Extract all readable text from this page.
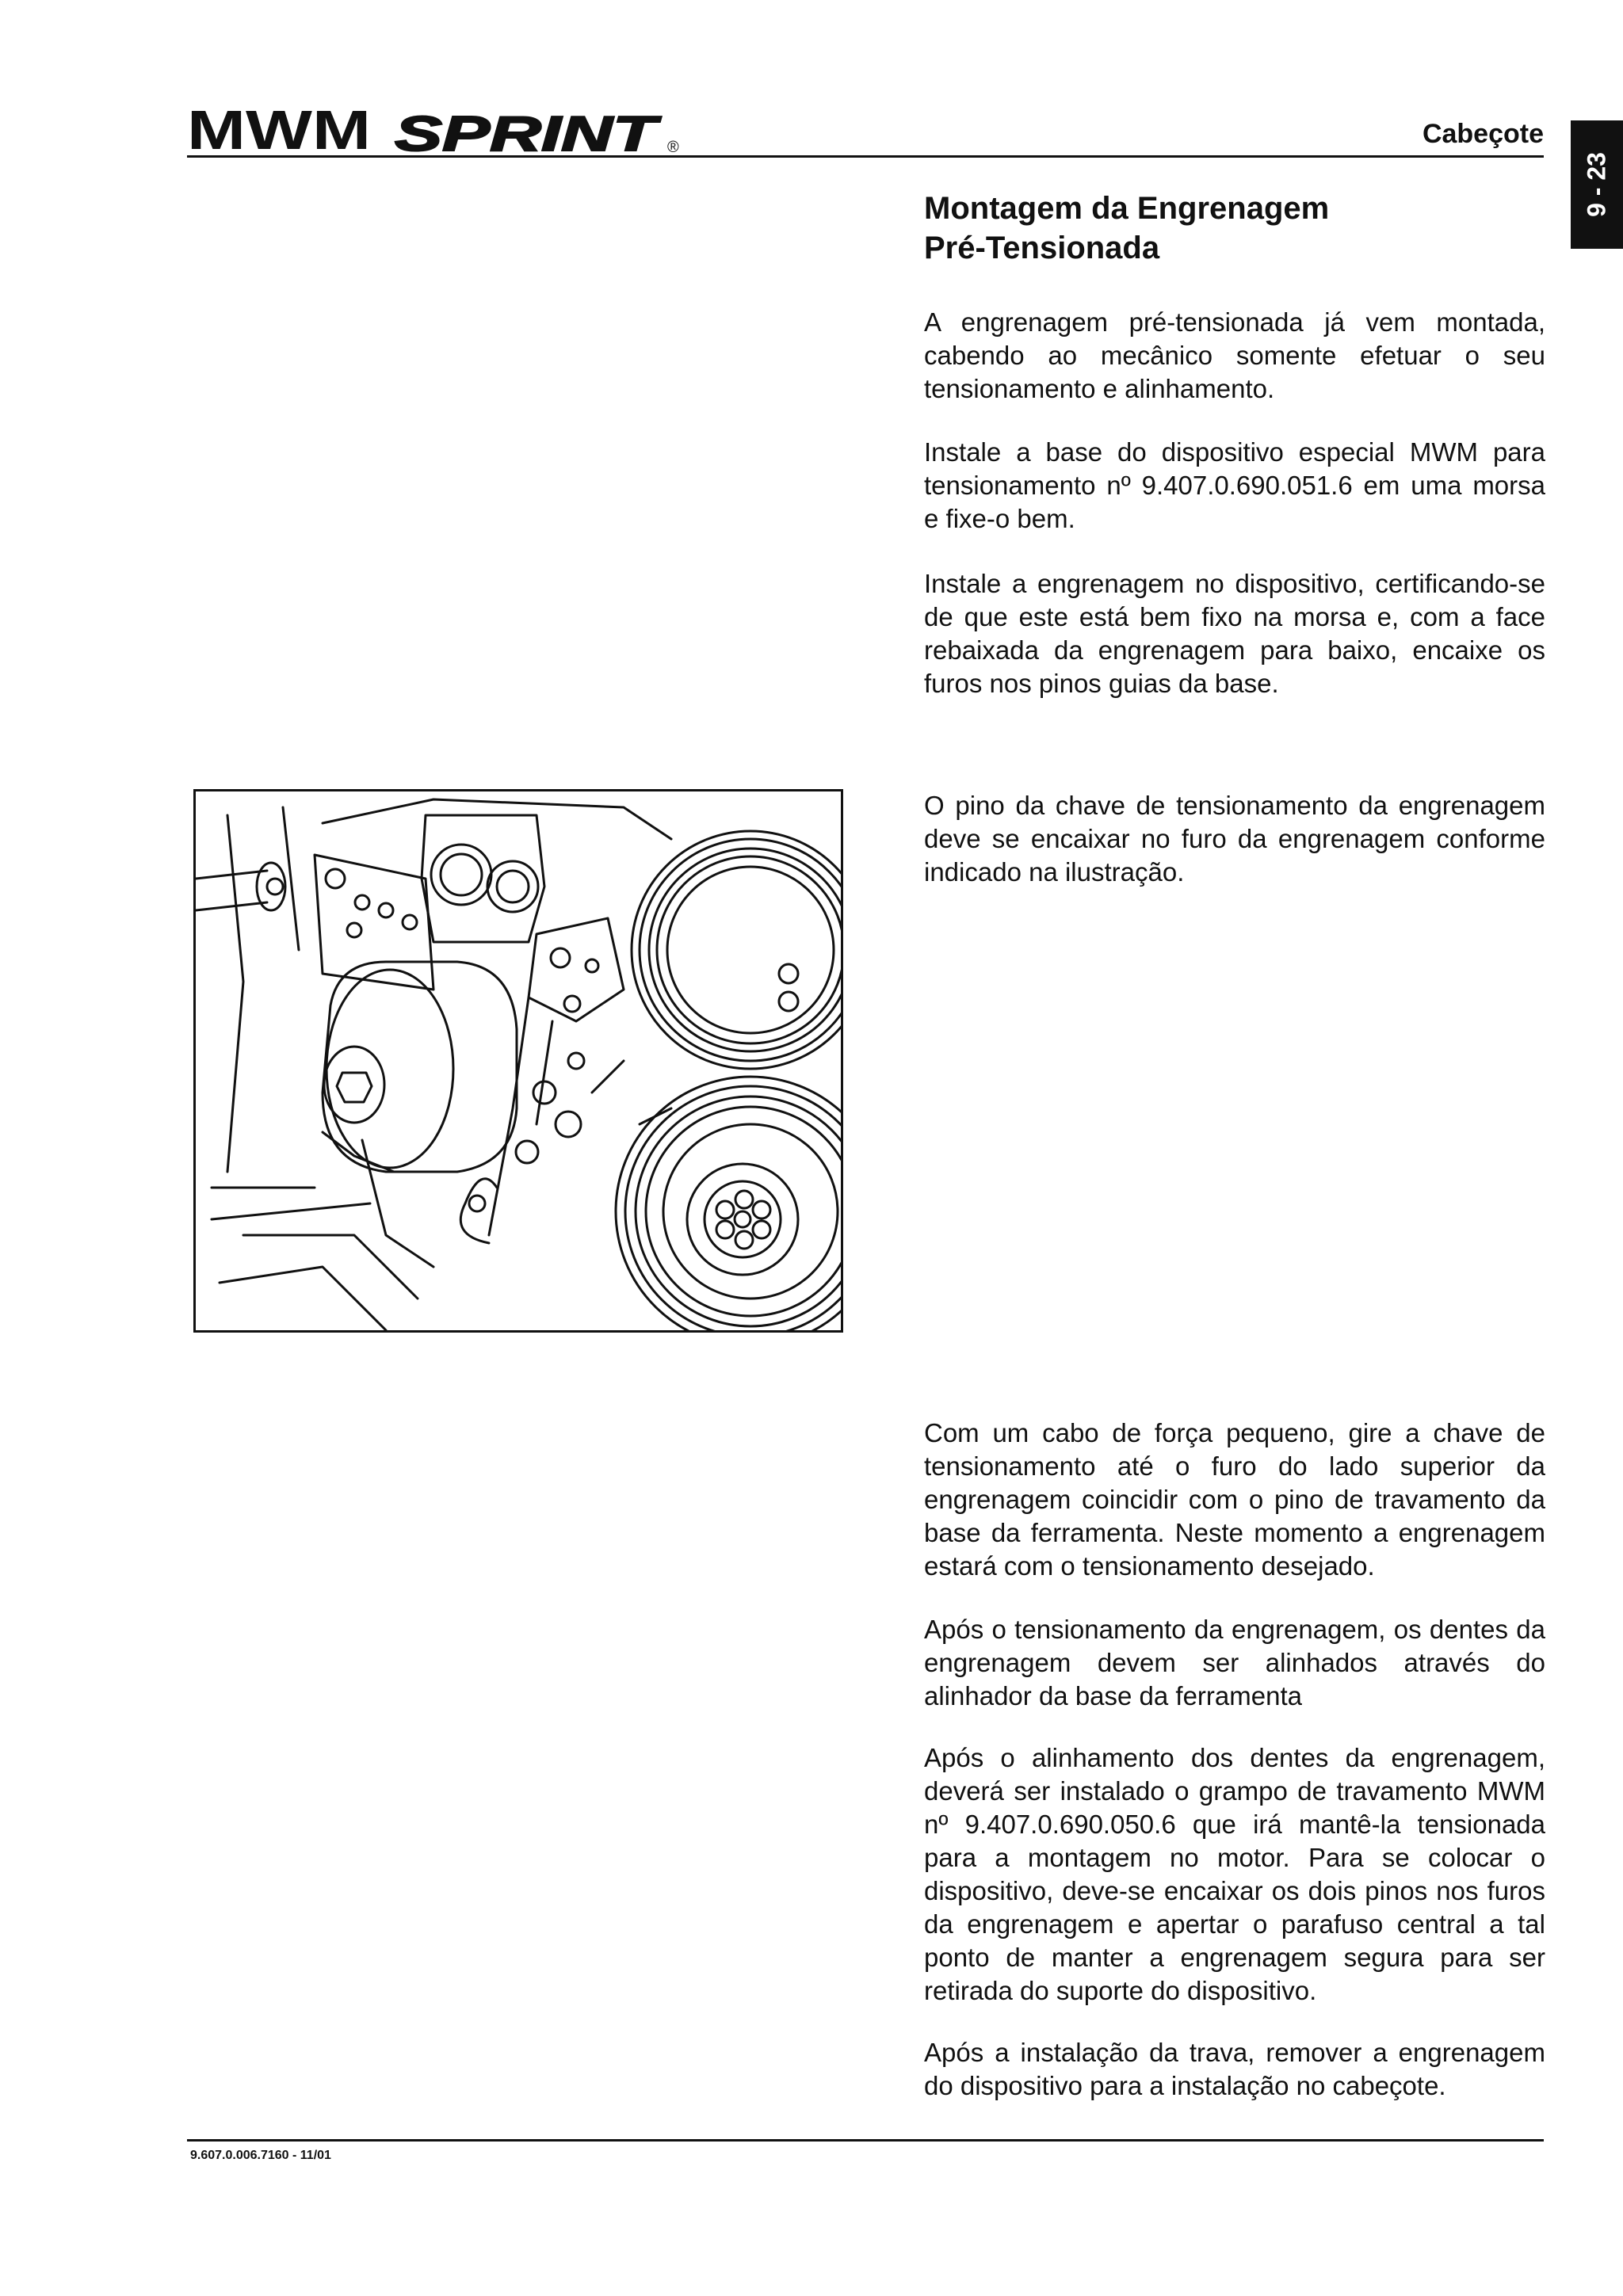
MWM SPRINT ®	Cabeçote
9 - 23
Montagem da Engrenagem
Pré-Tensionada

A engrenagem pré-tensionada já vem montada, cabendo ao mecânico somente efetuar o seu tensionamento e alinhamento.

Instale a base do dispositivo especial MWM para tensionamento nº 9.407.0.690.051.6 em uma morsa e fixe-o bem.

Instale a engrenagem no dispositivo, certificando-se de que este está bem fixo na morsa e, com a face rebaixada da engrenagem para baixo, encaixe os furos nos pinos guias da base.

O pino da chave de tensionamento da engrenagem deve se encaixar no furo da engrenagem conforme indicado na ilustração.

Com um cabo de força pequeno, gire a chave de tensionamento até o furo do lado superior da engrenagem coincidir com o pino de travamento da base da ferramenta. Neste momento a engrenagem estará com o tensionamento desejado.

Após o tensionamento da engrenagem, os dentes da engrenagem devem ser alinhados através do alinhador da base da ferramenta

Após o alinhamento dos dentes da engrenagem, deverá ser instalado o grampo de travamento MWM nº 9.407.0.690.050.6 que irá mantê-la tensionada para a montagem no motor. Para se colocar o dispositivo, deve-se encaixar os dois pinos nos furos da engrenagem e apertar o parafuso central a tal ponto de manter a engrenagem segura para ser retirada do suporte do dispositivo.

Após a instalação da trava, remover a engrenagem do dispositivo para a instalação no cabeçote.

9.607.0.006.7160 - 11/01
